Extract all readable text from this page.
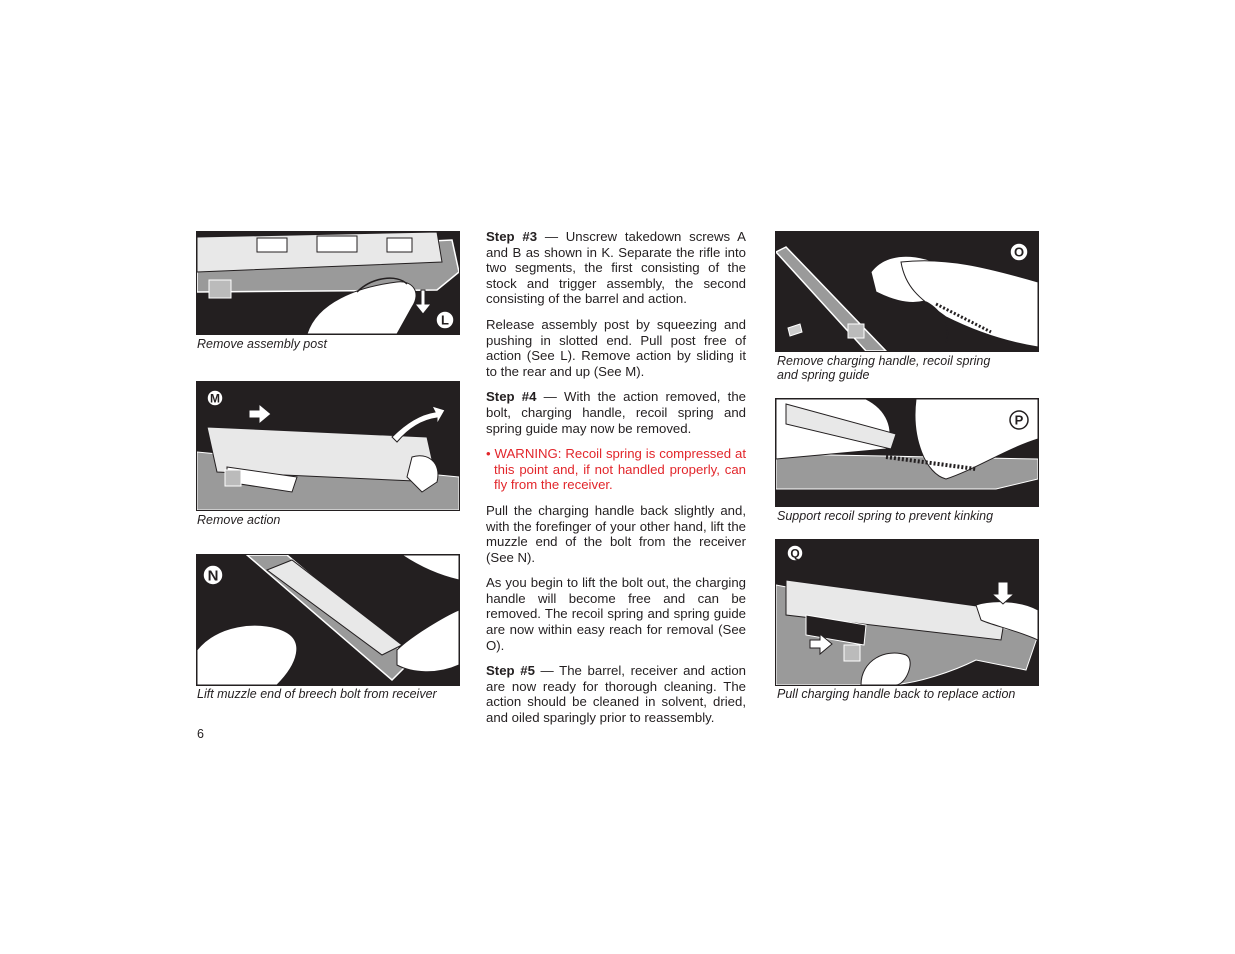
L
Remove assembly post
M
Remove action
N
Lift muzzle end of breech bolt from receiver

Step #3 — Unscrew takedown screws A and B as shown in K. Separate the rifle into two segments, the first consisting of the stock and trigger assembly, the second consisting of the barrel and action.

Release assembly post by squeezing and pushing in slotted end. Pull post free of action (See L). Remove action by sliding it to the rear and up (See M).

Step #4 — With the action removed, the bolt, charging handle, recoil spring and spring guide may now be removed.

• WARNING: Recoil spring is compressed at this point and, if not handled properly, can fly from the receiver.

Pull the charging handle back slightly and, with the forefinger of your other hand, lift the muzzle end of the bolt from the receiver (See N).

As you begin to lift the bolt out, the charging handle will become free and can be removed. The recoil spring and spring guide are now within easy reach for removal (See O).

Step #5 — The barrel, receiver and action are now ready for thorough cleaning. The action should be cleaned in solvent, dried, and oiled sparingly prior to reassembly.

O
Remove charging handle, recoil spring
and spring guide
P
Support recoil spring to prevent kinking
Q
Pull charging handle back to replace action
6
